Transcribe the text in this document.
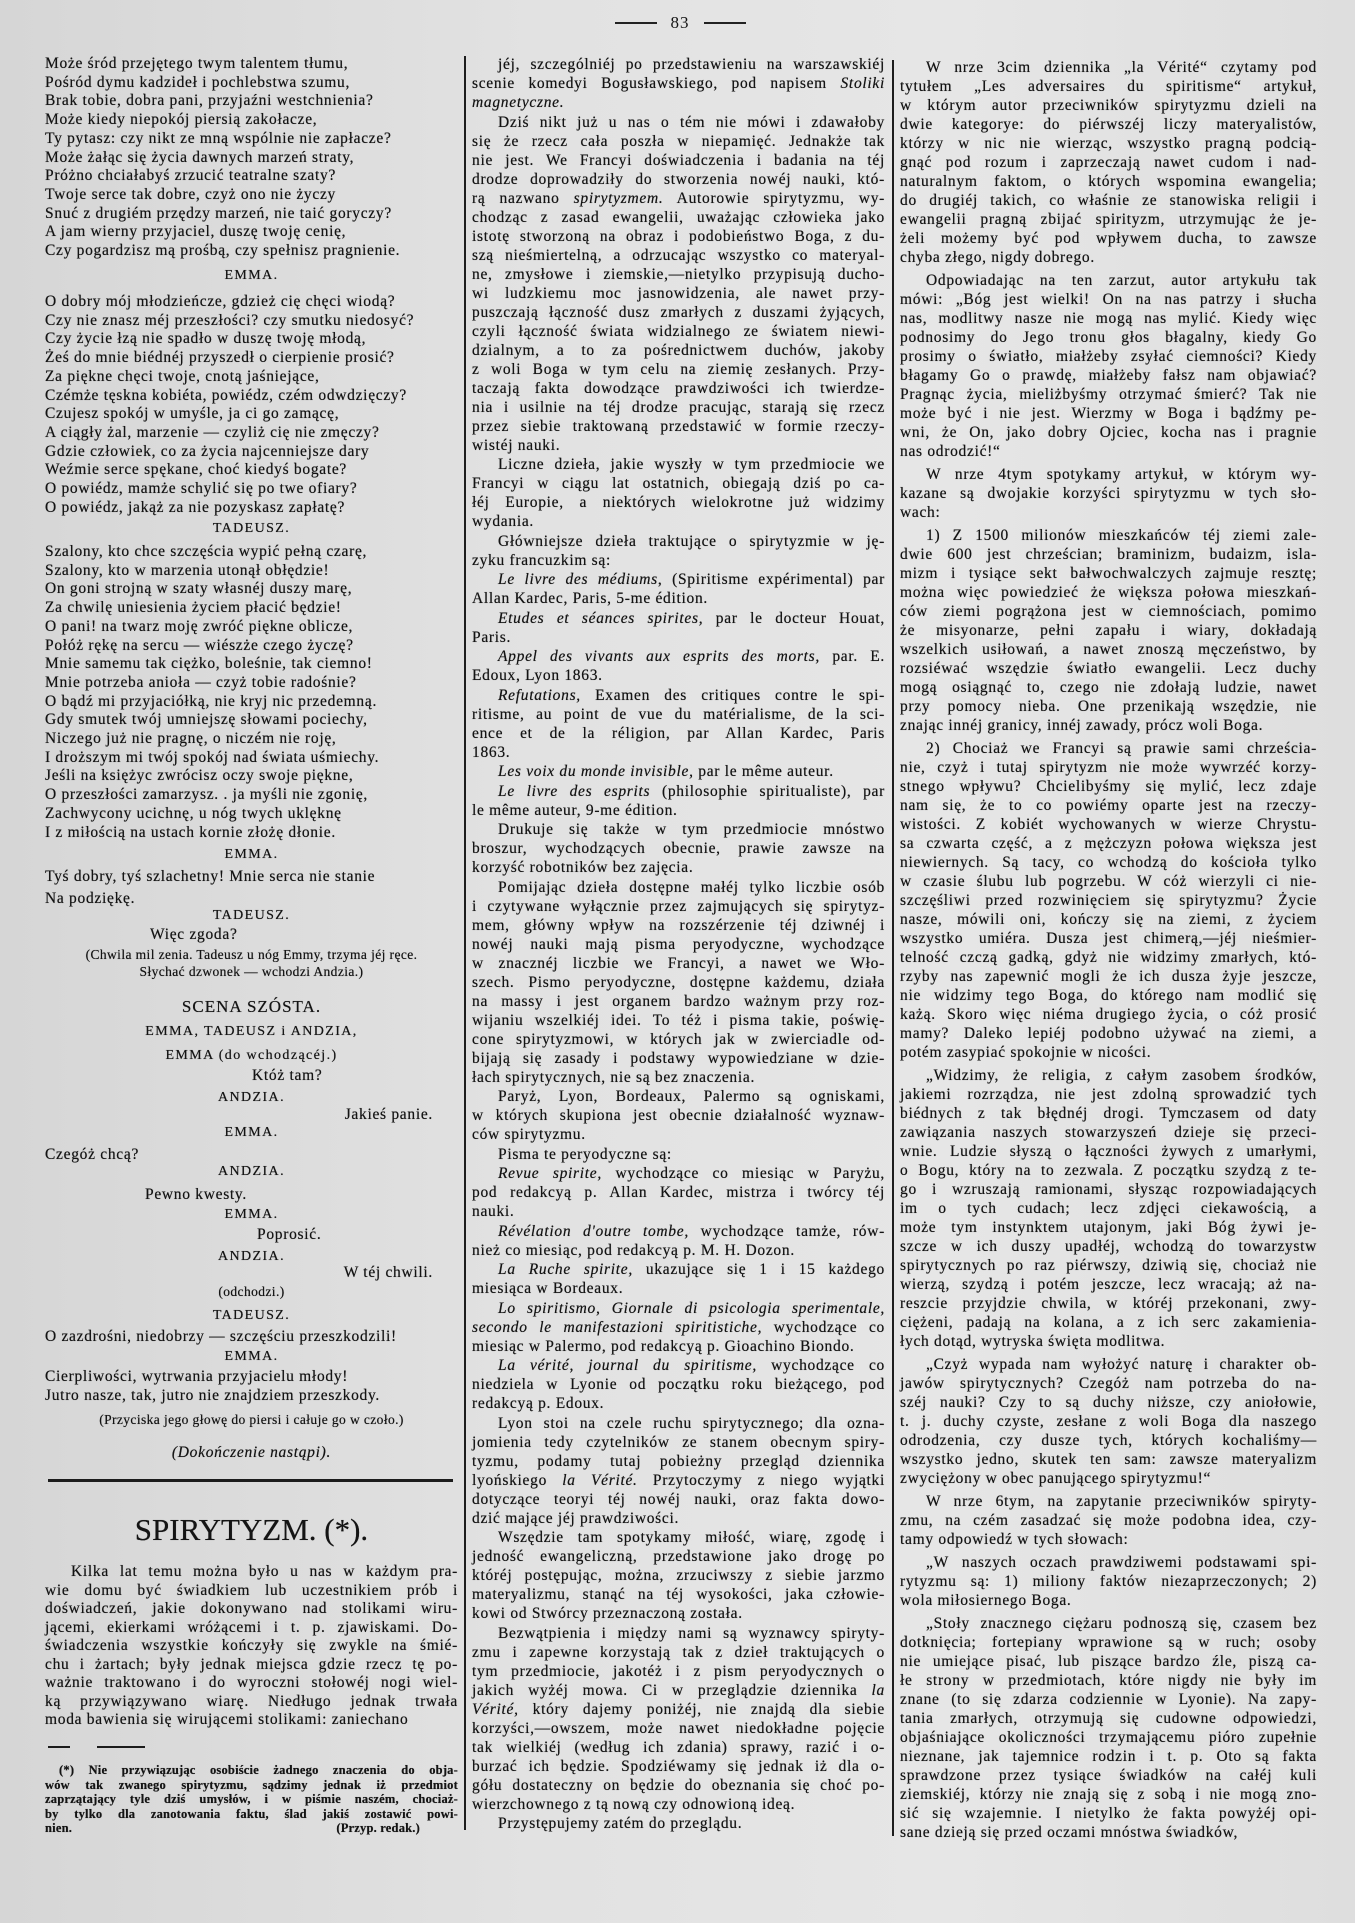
83
Może śród przejętego twym talentem tłumu,
Pośród dymu kadzideł i pochlebstwa szumu,
Brak tobie, dobra pani, przyjaźni westchnienia?
Może kiedy niepokój piersią zakołacze,
Ty pytasz: czy nikt ze mną wspólnie nie zapłacze?
Może żałąc się życia dawnych marzeń straty,
Próżno chciałabyś zrzucić teatralne szaty?
Twoje serce tak dobre, czyż ono nie życzy
Snuć z drugiém przędzy marzeń, nie taić goryczy?
A jam wierny przyjaciel, duszę twoję cenię,
Czy pogardzisz mą prośbą, czy spełnisz pragnienie.
EMMA.
O dobry mój młodzieńcze, gdzież cię chęci wiodą?
Czy nie znasz méj przeszłości? czy smutku niedosyć?
Czy życie łzą nie spadło w duszę twoję młodą,
Żeś do mnie biédnéj przyszedł o cierpienie prosić?
Za piękne chęci twoje, cnotą jaśniejące,
Czémże tęskna kobiéta, powiédz, czém odwdzięczy?
Czujesz spokój w umyśle, ja ci go zamącę,
A ciągły żal, marzenie — czyliż cię nie zmęczy?
Gdzie człowiek, co za życia najcenniejsze dary
Weźmie serce spękane, choć kiedyś bogate?
O powiédz, mamże schylić się po twe ofiary?
O powiédz, jakąż za nie pozyskasz zapłatę?
TADEUSZ.
Szalony, kto chce szczęścia wypić pełną czarę,
Szalony, kto w marzenia utonął obłędzie!
On goni strojną w szaty własnéj duszy marę,
Za chwilę uniesienia życiem płacić będzie!
O pani! na twarz moję zwróć piękne oblicze,
Połóż rękę na sercu — wiészże czego życzę?
Mnie samemu tak ciężko, boleśnie, tak ciemno!
Mnie potrzeba anioła — czyż tobie radośnie?
O bądź mi przyjaciółką, nie kryj nic przedemną.
Gdy smutek twój umniejszę słowami pociechy,
Niczego już nie pragnę, o niczém nie roję,
I droższym mi twój spokój nad świata uśmiechy.
Jeśli na księżyc zwrócisz oczy swoje piękne,
O przeszłości zamarzysz. . ja myśli nie zgonię,
Zachwycony ucichnę, u nóg twych uklęknę
I z miłością na ustach kornie złożę dłonie.
EMMA.
Tyś dobry, tyś szlachetny! Mnie serca nie stanie
Na podziękę.
TADEUSZ.
Więc zgoda?
(Chwila mil zenia. Tadeusz u nóg Emmy, trzyma jéj ręce.
Słychać dzwonek — wchodzi Andzia.)
SCENA SZÓSTA.
EMMA, TADEUSZ i ANDZIA,
EMMA (do wchodzącéj.)
Któż tam?
ANDZIA.
Jakieś panie.
EMMA.
Czegóż chcą?
ANDZIA.
Pewno kwesty.
EMMA.
Poprosić.
ANDZIA.
W téj chwili.
(odchodzi.)
TADEUSZ.
O zazdrośni, niedobrzy — szczęściu przeszkodzili!
EMMA.
Cierpliwości, wytrwania przyjacielu młody!
Jutro nasze, tak, jutro nie znajdziem przeszkody.
(Przyciska jego głowę do piersi i całuje go w czoło.)
(Dokończenie nastąpi).
SPIRYTYZM. (*).
Kilka lat temu można było u nas w każdym pra-
wie domu być świadkiem lub uczestnikiem prób i
doświadczeń, jakie dokonywano nad stolikami wiru-
jącemi, ekierkami wróżącemi i t. p. zjawiskami. Do-
świadczenia wszystkie kończyły się zwykle na śmié-
chu i żartach; były jednak miejsca gdzie rzecz tę po-
ważnie traktowano i do wyroczni stołowéj nogi wiel-
ką przywiązywano wiarę. Niedługo jednak trwała
moda bawienia się wirującemi stolikami: zaniechano
(*) Nie przywiązując osobiście żadnego znaczenia do obja-
wów tak zwanego spirytyzmu, sądzimy jednak iż przedmiot
zaprzątający tyle dziś umysłów, i w piśmie naszém, chociaż-
by tylko dla zanotowania faktu, ślad jakiś zostawić powi-
nien.	(Przyp. redak.)
jéj, szczególniéj po przedstawieniu na warszawskiéj
scenie komedyi Bogusławskiego, pod napisem Stoliki
magnetyczne.
Dziś nikt już u nas o tém nie mówi i zdawałoby
się że rzecz cała poszła w niepamięć. Jednakże tak
nie jest. We Francyi doświadczenia i badania na téj
drodze doprowadziły do stworzenia nowéj nauki, któ-
rą nazwano spirytyzmem. Autorowie spirytyzmu, wy-
chodząc z zasad ewangelii, uważając człowieka jako
istotę stworzoną na obraz i podobieństwo Boga, z du-
szą nieśmiertelną, a odrzucając wszystko co materyal-
ne, zmysłowe i ziemskie,—nietylko przypisują ducho-
wi ludzkiemu moc jasnowidzenia, ale nawet przy-
puszczają łączność dusz zmarłych z duszami żyjących,
czyli łączność świata widzialnego ze światem niewi-
dzialnym, a to za pośrednictwem duchów, jakoby
z woli Boga w tym celu na ziemię zesłanych. Przy-
taczają fakta dowodzące prawdziwości ich twierdze-
nia i usilnie na téj drodze pracując, starają się rzecz
przez siebie traktowaną przedstawić w formie rzeczy-
wistéj nauki.
Liczne dzieła, jakie wyszły w tym przedmiocie we
Francyi w ciągu lat ostatnich, obiegają dziś po ca-
łéj Europie, a niektórych wielokrotne już widzimy
wydania.
Główniejsze dzieła traktujące o spirytyzmie w ję-
zyku francuzkim są:
Le livre des médiums, (Spiritisme expérimental) par
Allan Kardec, Paris, 5-me édition.
Etudes et séances spirites, par le docteur Houat,
Paris.
Appel des vivants aux esprits des morts, par. E.
Edoux, Lyon 1863.
Refutations, Examen des critiques contre le spi-
ritisme, au point de vue du matérialisme, de la sci-
ence et de la réligion, par Allan Kardec, Paris
1863.
Les voix du monde invisible, par le même auteur.
Le livre des esprits (philosophie spiritualiste), par
le même auteur, 9-me édition.
Drukuje się także w tym przedmiocie mnóstwo
broszur, wychodzących obecnie, prawie zawsze na
korzyść robotników bez zajęcia.
Pomijając dzieła dostępne małéj tylko liczbie osób
i czytywane wyłącznie przez zajmujących się spirytyz-
mem, główny wpływ na rozszérzenie téj dziwnéj i
nowéj nauki mają pisma peryodyczne, wychodzące
w znacznéj liczbie we Francyi, a nawet we Wło-
szech. Pismo peryodyczne, dostępne każdemu, działa
na massy i jest organem bardzo ważnym przy roz-
wijaniu wszelkiéj idei. To téż i pisma takie, poświę-
cone spirytyzmowi, w których jak w zwierciadle od-
bijają się zasady i podstawy wypowiedziane w dzie-
łach spirytycznych, nie są bez znaczenia.
Paryż, Lyon, Bordeaux, Palermo są ogniskami,
w których skupiona jest obecnie działalność wyznaw-
ców spirytyzmu.
Pisma te peryodyczne są:
Revue spirite, wychodzące co miesiąc w Paryżu,
pod redakcyą p. Allan Kardec, mistrza i twórcy téj
nauki.
Révélation d'outre tombe, wychodzące tamże, rów-
nież co miesiąc, pod redakcyą p. M. H. Dozon.
La Ruche spirite, ukazujące się 1 i 15 każdego
miesiąca w Bordeaux.
Lo spiritismo, Giornale di psicologia sperimentale,
secondo le manifestazioni spiritistiche, wychodzące co
miesiąc w Palermo, pod redakcyą p. Gioachino Biondo.
La vérité, journal du spiritisme, wychodzące co
niedziela w Lyonie od początku roku bieżącego, pod
redakcyą p. Edoux.
Lyon stoi na czele ruchu spirytycznego; dla ozna-
jomienia tedy czytelników ze stanem obecnym spiry-
tyzmu, podamy tutaj pobieżny przegląd dziennika
lyońskiego la Vérité. Przytoczymy z niego wyjątki
dotyczące teoryi téj nowéj nauki, oraz fakta dowo-
dzić mające jéj prawdziwości.
Wszędzie tam spotykamy miłość, wiarę, zgodę i
jedność ewangeliczną, przedstawione jako drogę po
któréj postępując, można, zrzuciwszy z siebie jarzmo
materyalizmu, stanąć na téj wysokości, jaka człowie-
kowi od Stwórcy przeznaczoną została.
Bezwątpienia i między nami są wyznawcy spiryty-
zmu i zapewne korzystają tak z dzieł traktujących o
tym przedmiocie, jakotéż i z pism peryodycznych o
jakich wyżéj mowa. Ci w przeglądzie dziennika la
Vérité, który dajemy poniżéj, nie znajdą dla siebie
korzyści,—owszem, może nawet niedokładne pojęcie
tak wielkiéj (według ich zdania) sprawy, razić i o-
burzać ich będzie. Spodziéwamy się jednak iż dla o-
gółu dostateczny on będzie do obeznania się choć po-
wierzchownego z tą nową czy odnowioną ideą.
Przystępujemy zatém do przeglądu.
W nrze 3cim dziennika „la Vérité“ czytamy pod
tytułem „Les adversaires du spiritisme“ artykuł,
w którym autor przeciwników spirytyzmu dzieli na
dwie kategorye: do piérwszéj liczy materyalistów,
którzy w nic nie wierząc, wszystko pragną podcią-
gnąć pod rozum i zaprzeczają nawet cudom i nad-
naturalnym faktom, o których wspomina ewangelia;
do drugiéj takich, co właśnie ze stanowiska religii i
ewangelii pragną zbijać spirityzm, utrzymując że je-
żeli możemy być pod wpływem ducha, to zawsze
chyba złego, nigdy dobrego.
Odpowiadając na ten zarzut, autor artykułu tak
mówi: „Bóg jest wielki! On na nas patrzy i słucha
nas, modlitwy nasze nie mogą nas mylić. Kiedy więc
podnosimy do Jego tronu głos błagalny, kiedy Go
prosimy o światło, miałżeby zsyłać ciemności? Kiedy
błagamy Go o prawdę, miałżeby fałsz nam objawiać?
Pragnąc życia, mieliżbyśmy otrzymać śmierć? Tak nie
może być i nie jest. Wierzmy w Boga i bądźmy pe-
wni, że On, jako dobry Ojciec, kocha nas i pragnie
nas odrodzić!“
W nrze 4tym spotykamy artykuł, w którym wy-
kazane są dwojakie korzyści spirytyzmu w tych sło-
wach:
1) Z 1500 milionów mieszkańców téj ziemi zale-
dwie 600 jest chrześcian; braminizm, budaizm, isla-
mizm i tysiące sekt bałwochwalczych zajmuje resztę;
można więc powiedzieć że większa połowa mieszkań-
ców ziemi pogrążona jest w ciemnościach, pomimo
że misyonarze, pełni zapału i wiary, dokładają
wszelkich usiłowań, a nawet znoszą męczeństwo, by
rozsiéwać wszędzie światło ewangelii. Lecz duchy
mogą osiągnąć to, czego nie zdołają ludzie, nawet
przy pomocy nieba. One przenikają wszędzie, nie
znając innéj granicy, innéj zawady, prócz woli Boga.
2) Chociaż we Francyi są prawie sami chrześcia-
nie, czyż i tutaj spirytyzm nie może wywrzéć korzy-
stnego wpływu? Chcielibyśmy się mylić, lecz zdaje
nam się, że to co powiémy oparte jest na rzeczy-
wistości. Z kobiét wychowanych w wierze Chrystu-
sa czwarta część, a z mężczyzn połowa większa jest
niewiernych. Są tacy, co wchodzą do kościoła tylko
w czasie ślubu lub pogrzebu. W cóż wierzyli ci nie-
szczęśliwi przed rozwinięciem się spirytyzmu? Życie
nasze, mówili oni, kończy się na ziemi, z życiem
wszystko umiéra. Dusza jest chimerą,—jéj nieśmier-
telność czczą gadką, gdyż nie widzimy zmarłych, któ-
rzyby nas zapewnić mogli że ich dusza żyje jeszcze,
nie widzimy tego Boga, do którego nam modlić się
każą. Skoro więc niéma drugiego życia, o cóż prosić
mamy? Daleko lepiéj podobno używać na ziemi, a
potém zasypiać spokojnie w nicości.
„Widzimy, że religia, z całym zasobem środków,
jakiemi rozrządza, nie jest zdolną sprowadzić tych
biédnych z tak błędnéj drogi. Tymczasem od daty
zawiązania naszych stowarzyszeń dzieje się przeci-
wnie. Ludzie słyszą o łączności żywych z umarłymi,
o Bogu, który na to zezwala. Z początku szydzą z te-
go i wzruszają ramionami, słysząc rozpowiadających
im o tych cudach; lecz zdjęci ciekawością, a
może tym instynktem utajonym, jaki Bóg żywi je-
szcze w ich duszy upadłéj, wchodzą do towarzystw
spirytycznych po raz piérwszy, dziwią się, chociaż nie
wierzą, szydzą i potém jeszcze, lecz wracają; aż na-
reszcie przyjdzie chwila, w któréj przekonani, zwy-
ciężeni, padają na kolana, a z ich serc zakamienia-
łych dotąd, wytryska święta modlitwa.
„Czyż wypada nam wyłożyć naturę i charakter ob-
jawów spirytycznych? Czegóż nam potrzeba do na-
széj nauki? Czy to są duchy niższe, czy aniołowie,
t. j. duchy czyste, zesłane z woli Boga dla naszego
odrodzenia, czy dusze tych, których kochaliśmy—
wszystko jedno, skutek ten sam: zawsze materyalizm
zwyciężony w obec panującego spirytyzmu!“
W nrze 6tym, na zapytanie przeciwników spiryty-
zmu, na czém zasadzać się może podobna idea, czy-
tamy odpowiedź w tych słowach:
„W naszych oczach prawdziwemi podstawami spi-
rytyzmu są: 1) miliony faktów niezaprzeczonych; 2)
wola miłosiernego Boga.
„Stoły znacznego ciężaru podnoszą się, czasem bez
dotknięcia; fortepiany wprawione są w ruch; osoby
nie umiejące pisać, lub piszące bardzo źle, piszą ca-
łe strony w przedmiotach, które nigdy nie były im
znane (to się zdarza codziennie w Lyonie). Na zapy-
tania zmarłych, otrzymują się cudowne odpowiedzi,
objaśniające okoliczności trzymającemu pióro zupełnie
nieznane, jak tajemnice rodzin i t. p. Oto są fakta
sprawdzone przez tysiące świadków na całéj kuli
ziemskiéj, którzy nie znają się z sobą i nie mogą zno-
sić się wzajemnie. I nietylko że fakta powyżéj opi-
sane dzieją się przed oczami mnóstwa świadków,
